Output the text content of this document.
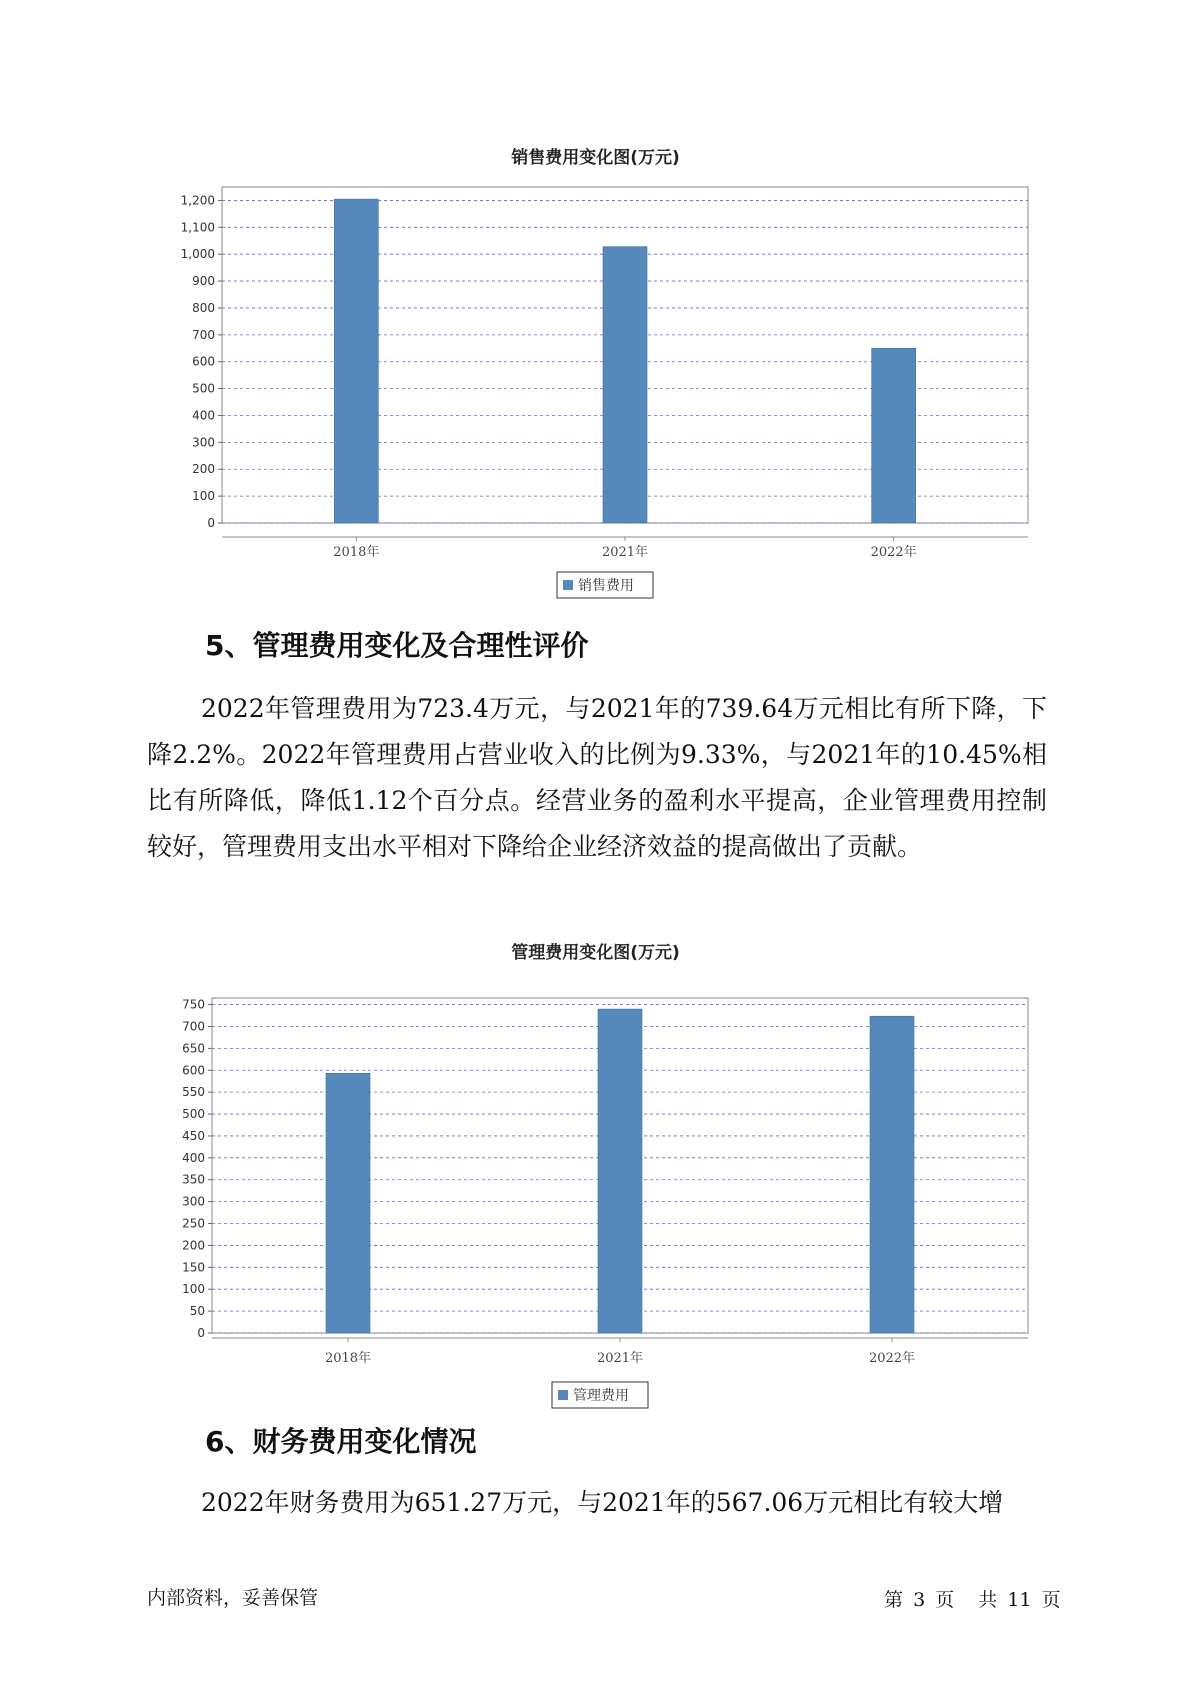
销售费用变化图(万元)
0
100
200
300
400
500
600
700
800
900
1,000
1,100
1,200
2018年	2021年	2022年
销售费用
5、管理费用变化及合理性评价

2022年管理费用为723.4万元，与2021年的739.64万元相比有所下降，下降2.2%。2022年管理费用占营业收入的比例为9.33%，与2021年的10.45%相比有所降低，降低1.12个百分点。经营业务的盈利水平提高，企业管理费用控制较好，管理费用支出水平相对下降给企业经济效益的提高做出了贡献。

管理费用变化图(万元)
0
50
100
150
200
250
300
350
400
450
500
550
600
650
700
750
2018年	2021年	2022年
管理费用
6、财务费用变化情况

2022年财务费用为651.27万元，与2021年的567.06万元相比有较大增

内部资料，妥善保管	第 3 页 共 11 页
